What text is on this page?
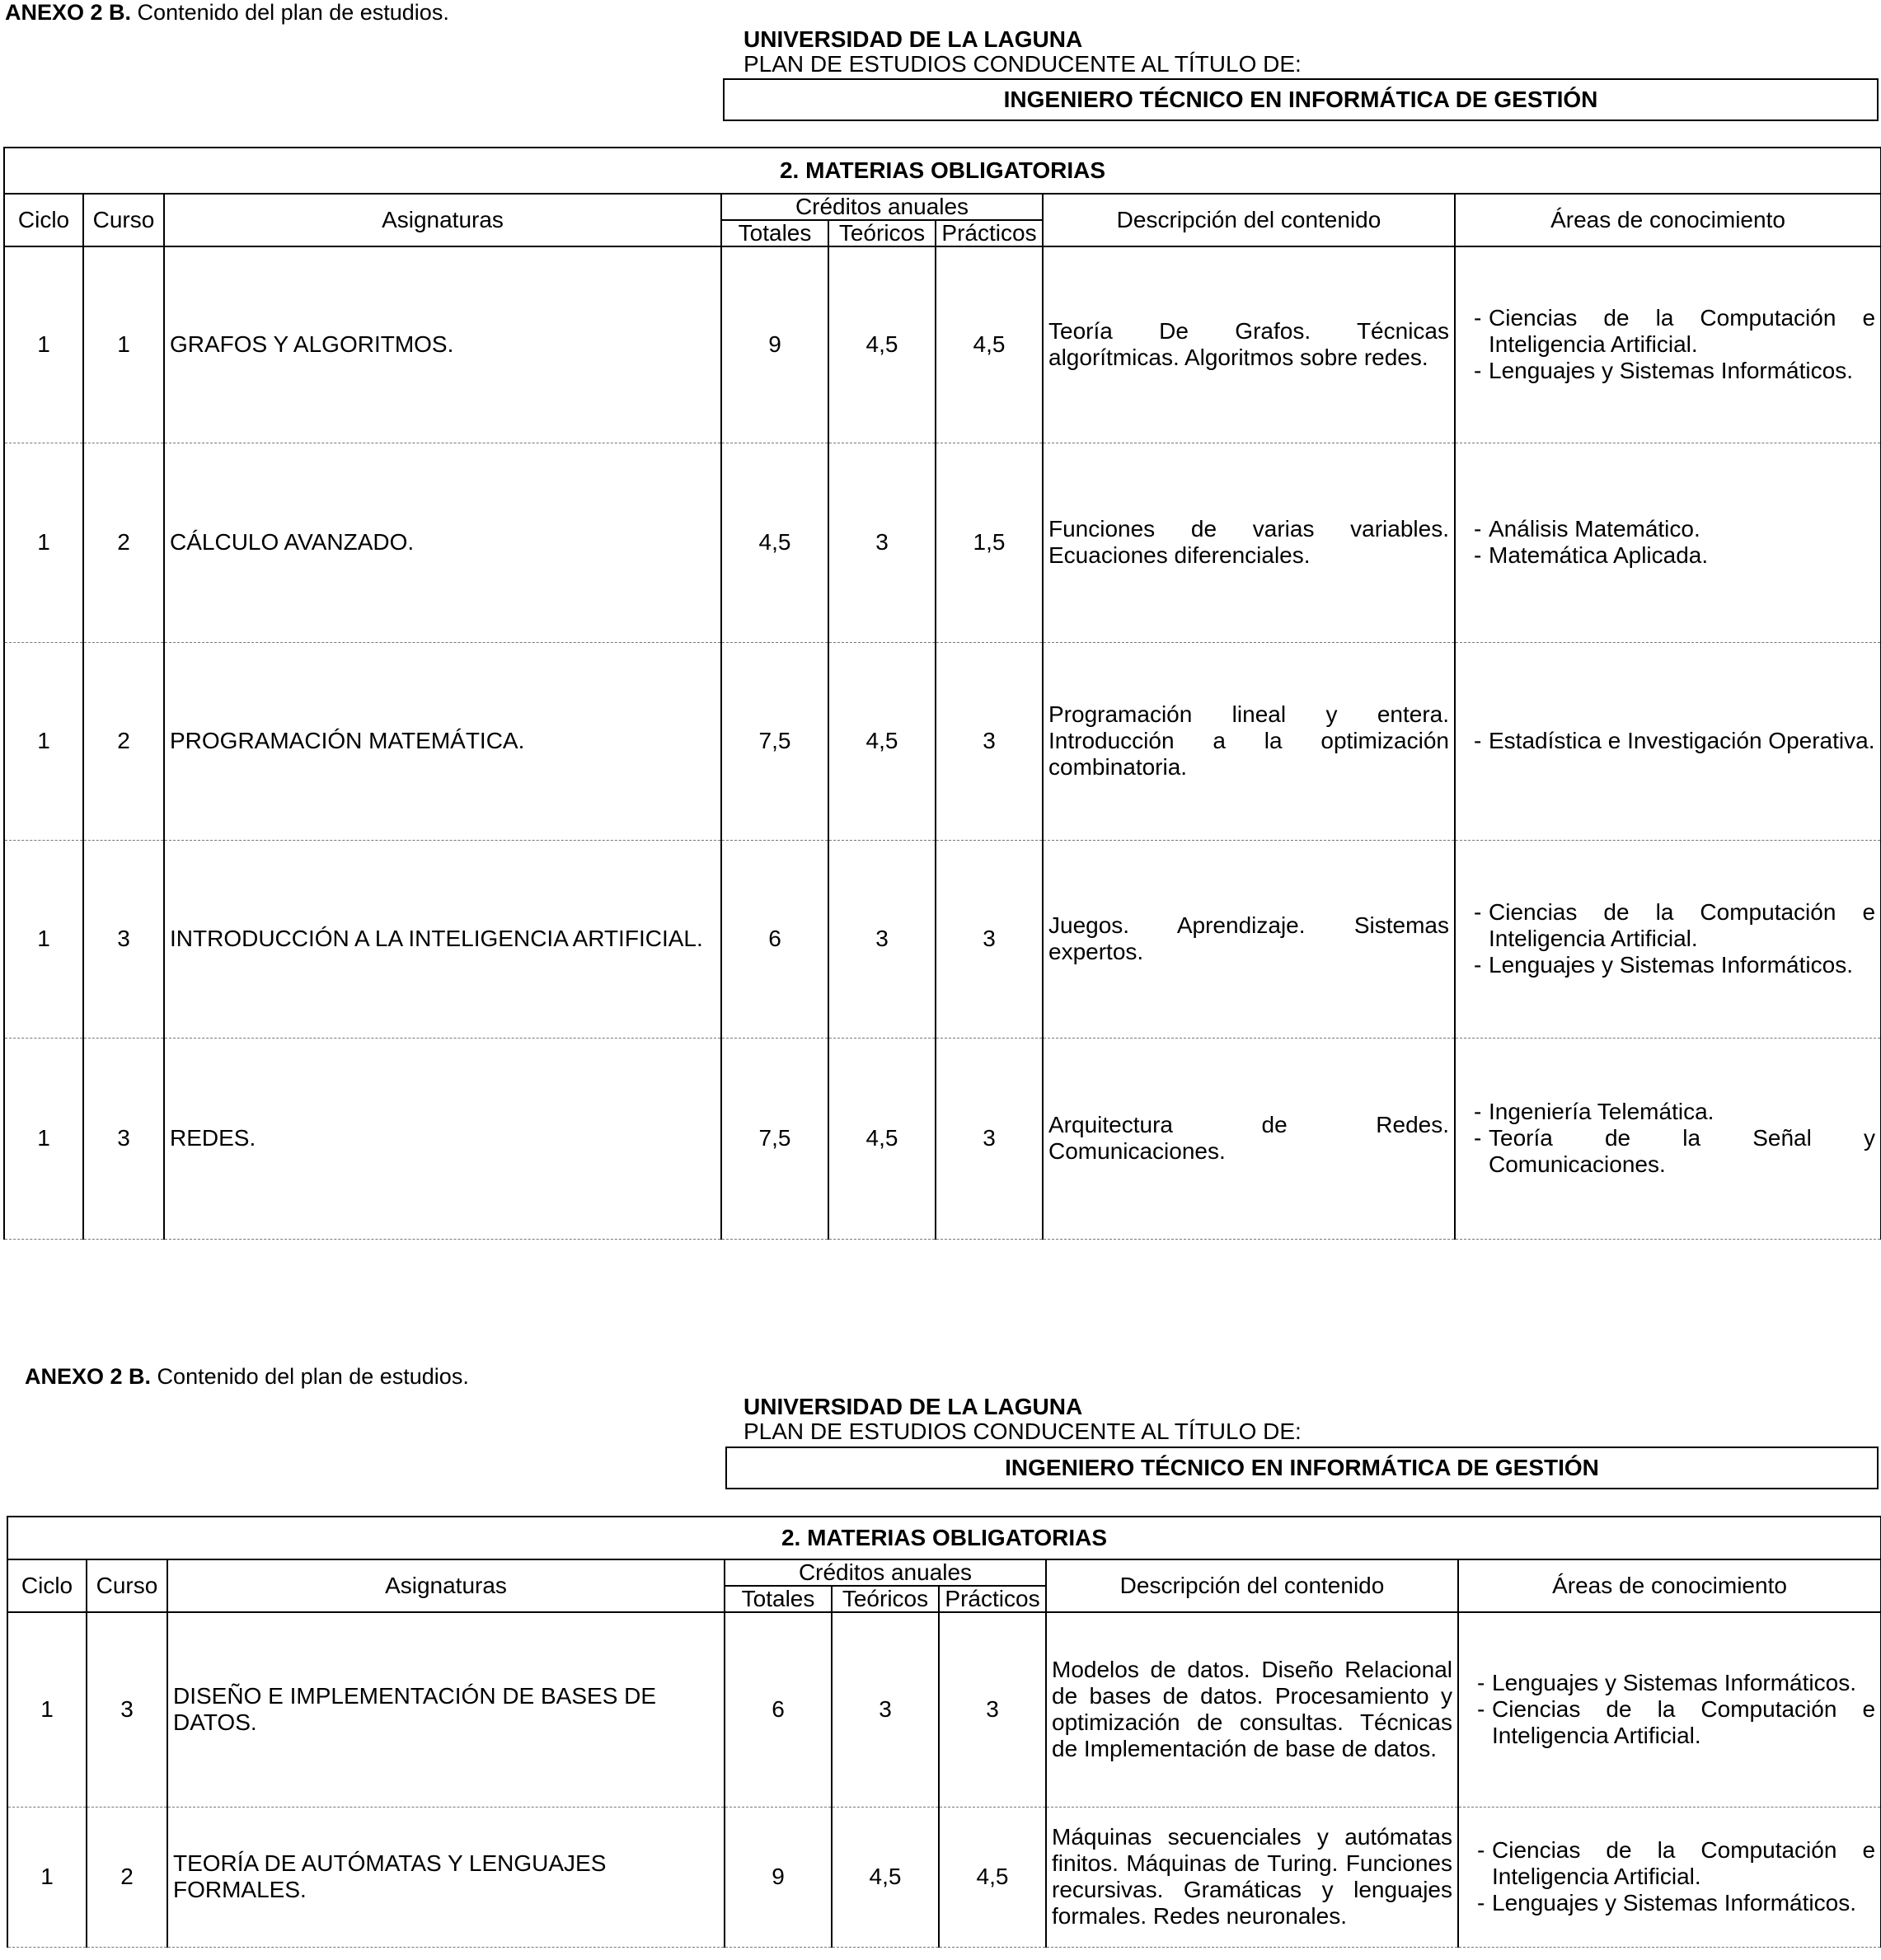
ANEXO 2 B. Contenido del plan de estudios.
UNIVERSIDAD DE LA LAGUNA
PLAN DE ESTUDIOS CONDUCENTE AL TÍTULO DE:
INGENIERO TÉCNICO EN INFORMÁTICA DE GESTIÓN
2. MATERIAS OBLIGATORIAS							
Ciclo	Curso	Asignaturas	Créditos anuales			Descripción del contenido	Áreas de conocimiento
			Totales	Teóricos	Prácticos		
1	1	GRAFOS Y ALGORITMOS.	9	4,5	4,5	Teoría De Grafos. Técnicas algorítmicas. Algoritmos sobre redes.	- Ciencias de la Computación e Inteligencia Artificial.
- Lenguajes y Sistemas Informáticos.

1	2	CÁLCULO AVANZADO.	4,5	3	1,5	Funciones de varias variables. Ecuaciones diferenciales.	- Análisis Matemático.
- Matemática Aplicada.

1	2	PROGRAMACIÓN MATEMÁTICA.	7,5	4,5	3	Programación lineal y entera. Introducción a la optimización combinatoria.	- Estadística e Investigación Operativa.

1	3	INTRODUCCIÓN A LA INTELIGENCIA ARTIFICIAL.	6	3	3	Juegos. Aprendizaje. Sistemas expertos.	- Ciencias de la Computación e Inteligencia Artificial.
- Lenguajes y Sistemas Informáticos.

1	3	REDES.	7,5	4,5	3	Arquitectura de Redes. Comunicaciones.	- Ingeniería Telemática.
- Teoría de la Señal y Comunicaciones.
ANEXO 2 B. Contenido del plan de estudios.
UNIVERSIDAD DE LA LAGUNA
PLAN DE ESTUDIOS CONDUCENTE AL TÍTULO DE:
INGENIERO TÉCNICO EN INFORMÁTICA DE GESTIÓN
2. MATERIAS OBLIGATORIAS							
Ciclo	Curso	Asignaturas	Créditos anuales			Descripción del contenido	Áreas de conocimiento
			Totales	Teóricos	Prácticos		
1	3	DISEÑO E IMPLEMENTACIÓN DE BASES DE DATOS.	6	3	3	Modelos de datos. Diseño Relacional de bases de datos. Procesamiento y optimización de consultas. Técnicas de Implementación de base de datos.	- Lenguajes y Sistemas Informáticos.
- Ciencias de la Computación e Inteligencia Artificial.

1	2	TEORÍA DE AUTÓMATAS Y LENGUAJES FORMALES.	9	4,5	4,5	Máquinas secuenciales y autómatas finitos. Máquinas de Turing. Funciones recursivas. Gramáticas y lenguajes formales. Redes neuronales.	- Ciencias de la Computación e Inteligencia Artificial.
- Lenguajes y Sistemas Informáticos.
